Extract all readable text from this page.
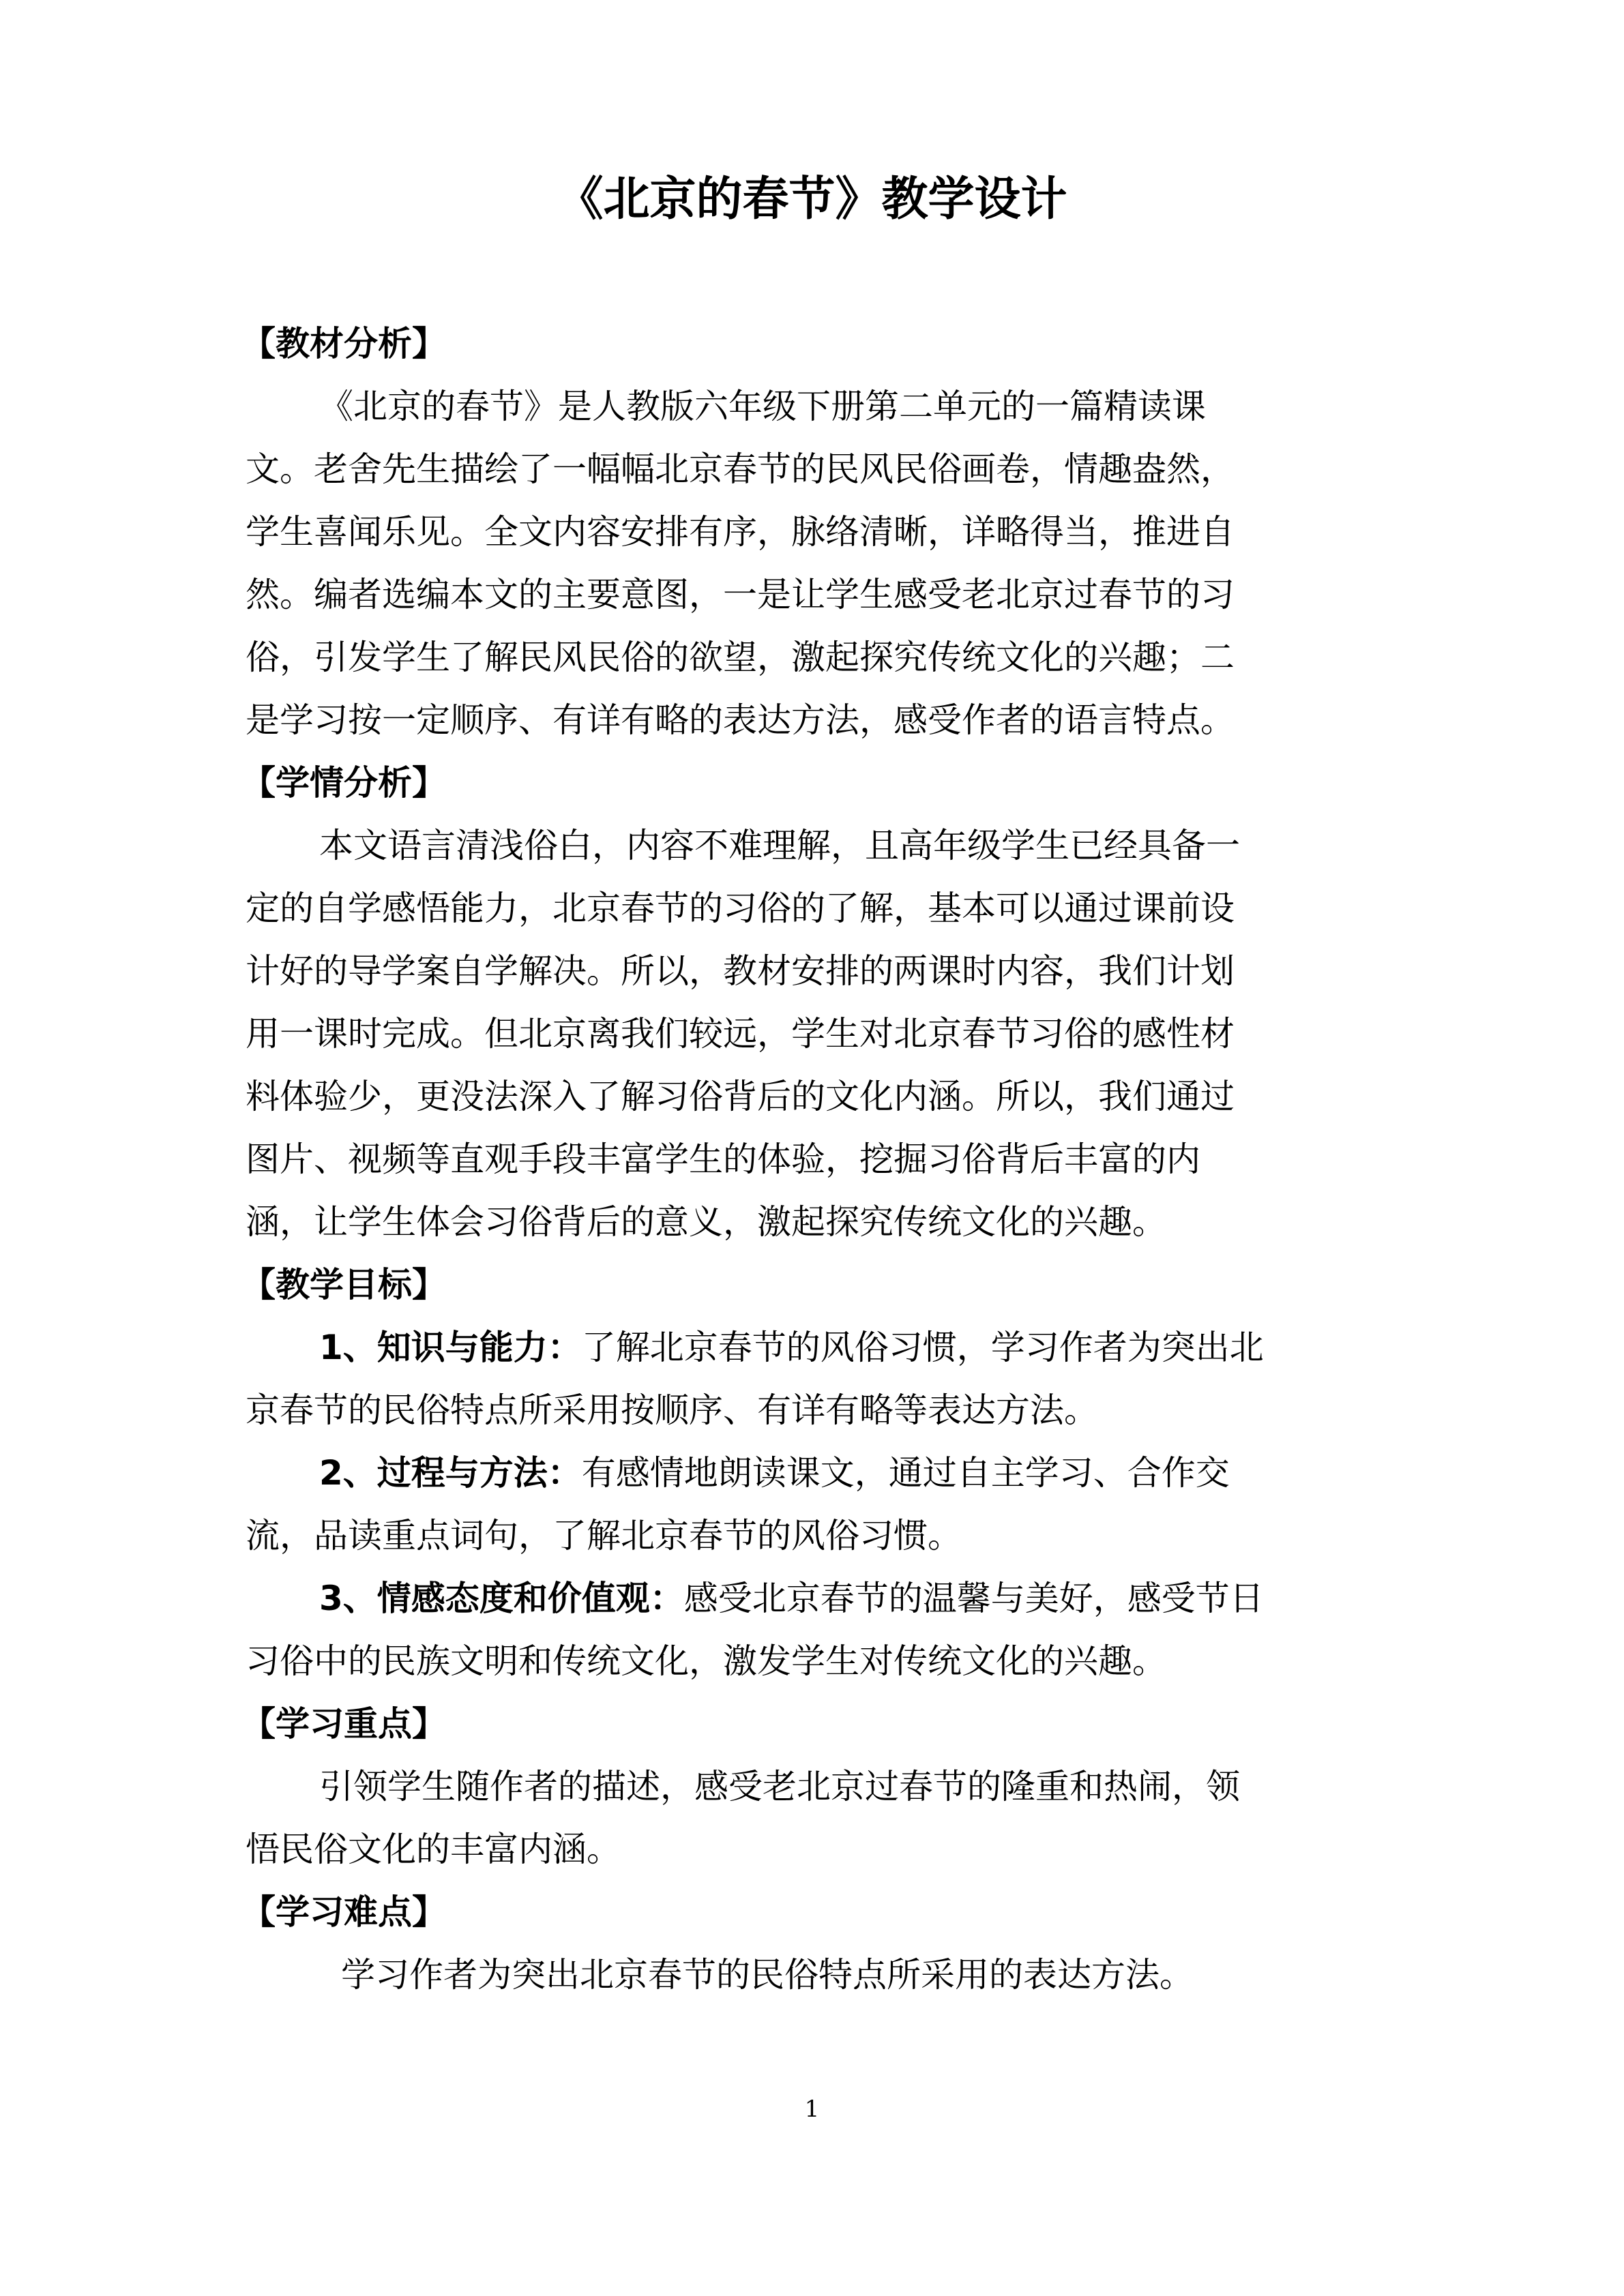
《北京的春节》教学设计
【教材分析】

《北京的春节》是人教版六年级下册第二单元的一篇精读课
文。老舍先生描绘了一幅幅北京春节的民风民俗画卷，情趣盎然，
学生喜闻乐见。全文内容安排有序，脉络清晰，详略得当，推进自
然。编者选编本文的主要意图，一是让学生感受老北京过春节的习
俗，引发学生了解民风民俗的欲望，激起探究传统文化的兴趣；二
是学习按一定顺序、有详有略的表达方法，感受作者的语言特点。

【学情分析】

本文语言清浅俗白，内容不难理解，且高年级学生已经具备一
定的自学感悟能力，北京春节的习俗的了解，基本可以通过课前设
计好的导学案自学解决。所以，教材安排的两课时内容，我们计划
用一课时完成。但北京离我们较远，学生对北京春节习俗的感性材
料体验少，更没法深入了解习俗背后的文化内涵。所以，我们通过
图片、视频等直观手段丰富学生的体验，挖掘习俗背后丰富的内
涵，让学生体会习俗背后的意义，激起探究传统文化的兴趣。

【教学目标】

1、知识与能力：了解北京春节的风俗习惯，学习作者为突出北
京春节的民俗特点所采用按顺序、有详有略等表达方法。

2、过程与方法：有感情地朗读课文，通过自主学习、合作交
流，品读重点词句，了解北京春节的风俗习惯。

3、情感态度和价值观：感受北京春节的温馨与美好，感受节日
习俗中的民族文明和传统文化，激发学生对传统文化的兴趣。

【学习重点】

引领学生随作者的描述，感受老北京过春节的隆重和热闹，领
悟民俗文化的丰富内涵。

【学习难点】

学习作者为突出北京春节的民俗特点所采用的表达方法。

1
